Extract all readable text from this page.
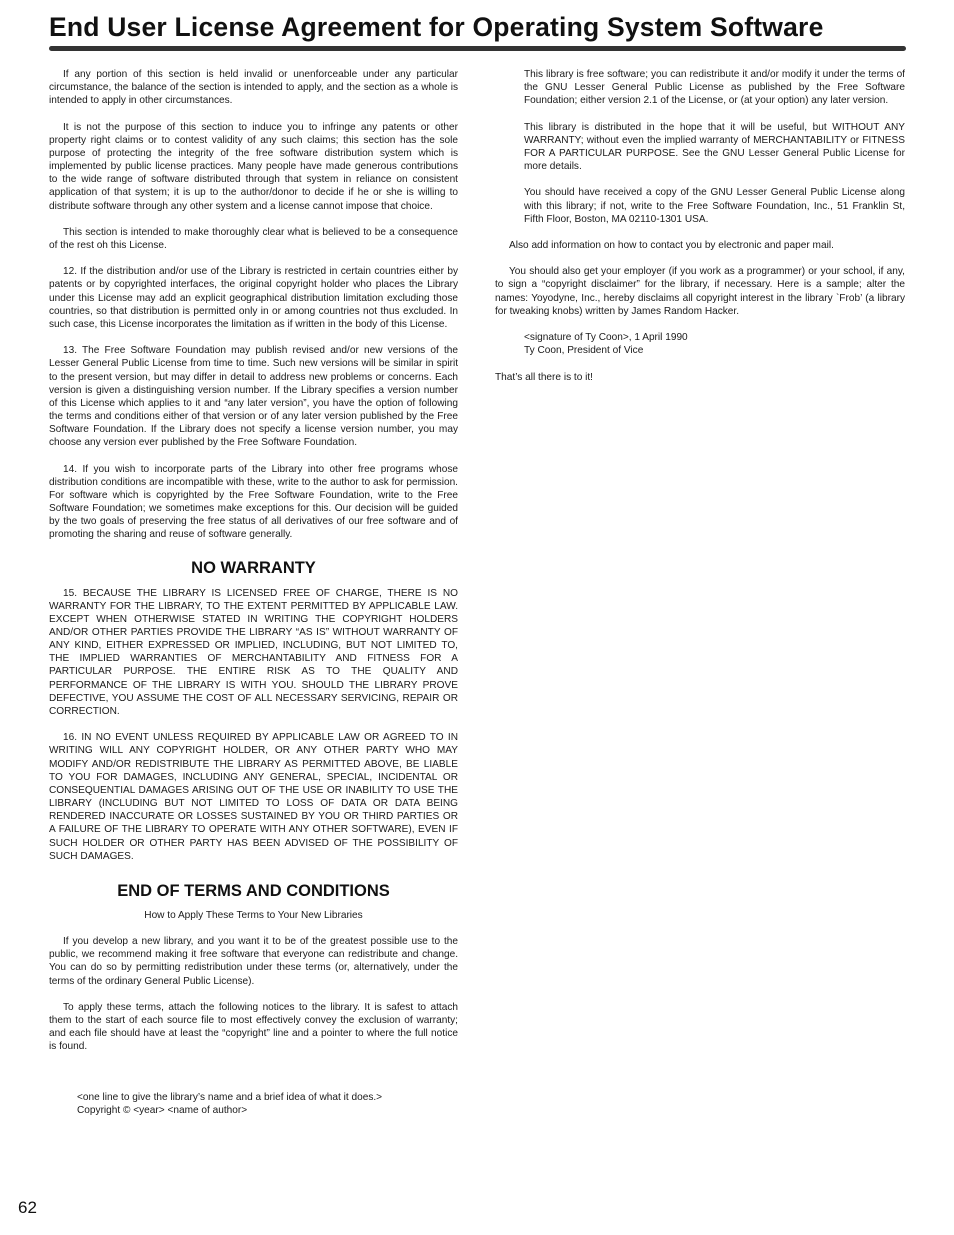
End User License Agreement for Operating System Software

If any portion of this section is held invalid or unenforceable under any particular circumstance, the balance of the section is intended to apply, and the section as a whole is intended to apply in other circumstances.

It is not the purpose of this section to induce you to infringe any patents or other property right claims or to contest validity of any such claims; this section has the sole purpose of protecting the integrity of the free software distribution system which is implemented by public license practices. Many people have made generous contributions to the wide range of software distributed through that system in reliance on consistent application of that system; it is up to the author/donor to decide if he or she is willing to distribute software through any other system and a license cannot impose that choice.

This section is intended to make thoroughly clear what is believed to be a consequence of the rest oh this License.

12. If the distribution and/or use of the Library is restricted in certain countries either by patents or by copyrighted interfaces, the original copyright holder who places the Library under this License may add an explicit geographical distribution limitation excluding those countries, so that distribution is permitted only in or among countries not thus excluded. In such case, this License incorporates the limitation as if written in the body of this License.

13. The Free Software Foundation may publish revised and/or new versions of the Lesser General Public License from time to time. Such new versions will be similar in spirit to the present version, but may differ in detail to address new problems or concerns. Each version is given a distinguishing version number. If the Library specifies a version number of this License which applies to it and “any later version”, you have the option of following the terms and conditions either of that version or of any later version published by the Free Software Foundation. If the Library does not specify a license version number, you may choose any version ever published by the Free Software Foundation.

14. If you wish to incorporate parts of the Library into other free programs whose distribution conditions are incompatible with these, write to the author to ask for permission. For software which is copyrighted by the Free Software Foundation, write to the Free Software Foundation; we sometimes make exceptions for this. Our decision will be guided by the two goals of preserving the free status of all derivatives of our free software and of promoting the sharing and reuse of software generally.

NO WARRANTY

15. BECAUSE THE LIBRARY IS LICENSED FREE OF CHARGE, THERE IS NO WARRANTY FOR THE LIBRARY, TO THE EXTENT PERMITTED BY APPLICABLE LAW. EXCEPT WHEN OTHERWISE STATED IN WRITING THE COPYRIGHT HOLDERS AND/OR OTHER PARTIES PROVIDE THE LIBRARY “AS IS” WITHOUT WARRANTY OF ANY KIND, EITHER EXPRESSED OR IMPLIED, INCLUDING, BUT NOT LIMITED TO, THE IMPLIED WARRANTIES OF MERCHANTABILITY AND FITNESS FOR A PARTICULAR PURPOSE. THE ENTIRE RISK AS TO THE QUALITY AND PERFORMANCE OF THE LIBRARY IS WITH YOU. SHOULD THE LIBRARY PROVE DEFECTIVE, YOU ASSUME THE COST OF ALL NECESSARY SERVICING, REPAIR OR CORRECTION.

16. IN NO EVENT UNLESS REQUIRED BY APPLICABLE LAW OR AGREED TO IN WRITING WILL ANY COPYRIGHT HOLDER, OR ANY OTHER PARTY WHO MAY MODIFY AND/OR REDISTRIBUTE THE LIBRARY AS PERMITTED ABOVE, BE LIABLE TO YOU FOR DAMAGES, INCLUDING ANY GENERAL, SPECIAL, INCIDENTAL OR CONSEQUENTIAL DAMAGES ARISING OUT OF THE USE OR INABILITY TO USE THE LIBRARY (INCLUDING BUT NOT LIMITED TO LOSS OF DATA OR DATA BEING RENDERED INACCURATE OR LOSSES SUSTAINED BY YOU OR THIRD PARTIES OR A FAILURE OF THE LIBRARY TO OPERATE WITH ANY OTHER SOFTWARE), EVEN IF SUCH HOLDER OR OTHER PARTY HAS BEEN ADVISED OF THE POSSIBILITY OF SUCH DAMAGES.

END OF TERMS AND CONDITIONS

How to Apply These Terms to Your New Libraries

If you develop a new library, and you want it to be of the greatest possible use to the public, we recommend making it free software that everyone can redistribute and change. You can do so by permitting redistribution under these terms (or, alternatively, under the terms of the ordinary General Public License).

To apply these terms, attach the following notices to the library. It is safest to attach them to the start of each source file to most effectively convey the exclusion of warranty; and each file should have at least the “copyright” line and a pointer to where the full notice is found.

<one line to give the library’s name and a brief idea of what it does.>
Copyright © <year> <name of author>

This library is free software; you can redistribute it and/or modify it under the terms of the GNU Lesser General Public License as published by the Free Software Foundation; either version 2.1 of the License, or (at your option) any later version.

This library is distributed in the hope that it will be useful, but WITHOUT ANY WARRANTY; without even the implied warranty of MERCHANTABILITY or FITNESS FOR A PARTICULAR PURPOSE. See the GNU Lesser General Public License for more details.

You should have received a copy of the GNU Lesser General Public License along with this library; if not, write to the Free Software Foundation, Inc., 51 Franklin St, Fifth Floor, Boston, MA 02110-1301 USA.

Also add information on how to contact you by electronic and paper mail.

You should also get your employer (if you work as a programmer) or your school, if any, to sign a “copyright disclaimer” for the library, if necessary. Here is a sample; alter the names: Yoyodyne, Inc., hereby disclaims all copyright interest in the library `Frob’ (a library for tweaking knobs) written by James Random Hacker.

<signature of Ty Coon>, 1 April 1990
Ty Coon, President of Vice

That’s all there is to it!

62
